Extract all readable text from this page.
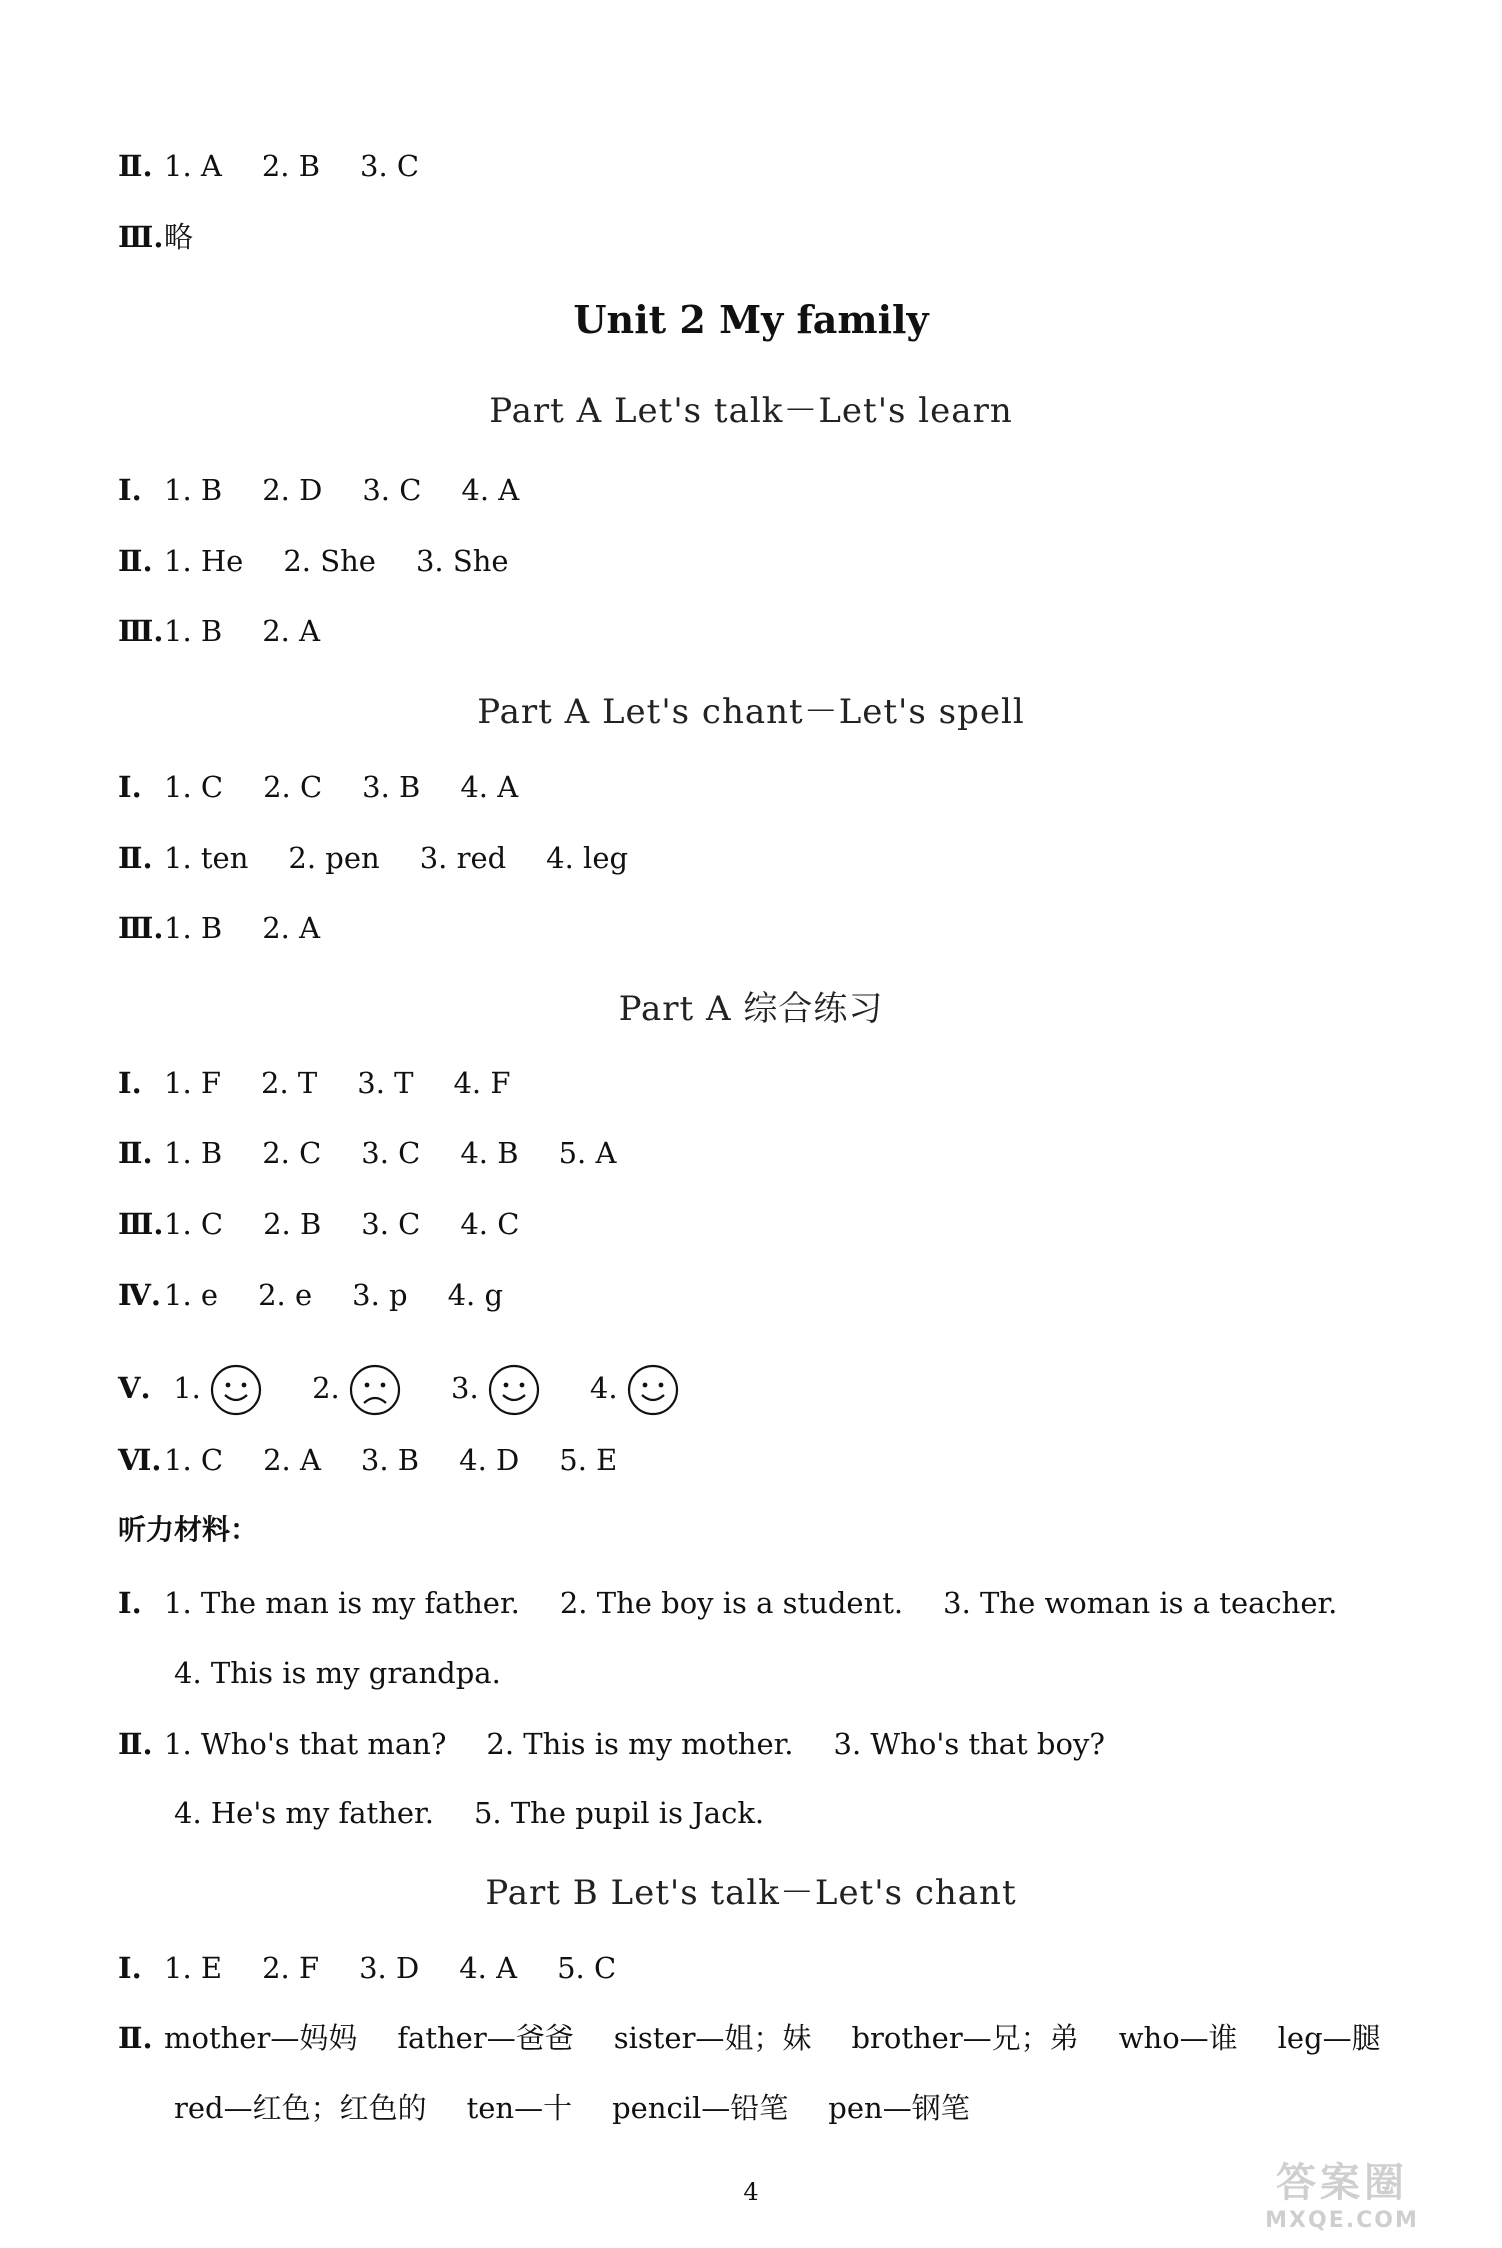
Ⅱ. 1. A 2. B 3. C
Ⅲ.略
Unit 2 My family
Part A Let's talk－Let's learn
Ⅰ. 1. B 2. D 3. C 4. A
Ⅱ. 1. He 2. She 3. She
Ⅲ.1. B 2. A
Part A Let's chant－Let's spell
Ⅰ. 1. C 2. C 3. B 4. A
Ⅱ. 1. ten 2. pen 3. red 4. leg
Ⅲ.1. B 2. A
Part A 综合练习
Ⅰ. 1. F 2. T 3. T 4. F
Ⅱ. 1. B 2. C 3. C 4. B 5. A
Ⅲ.1. C 2. B 3. C 4. C
Ⅳ. 1. e 2. e 3. p 4. g
Ⅴ. 1.	2.	3.	4.
Ⅵ.1. C 2. A 3. B 4. D 5. E
听力材料：
Ⅰ. 1. The man is my father. 2. The boy is a student. 3. The woman is a teacher.
4. This is my grandpa.
Ⅱ. 1. Who's that man? 2. This is my mother. 3. Who's that boy?
4. He's my father. 5. The pupil is Jack.
Part B Let's talk－Let's chant
Ⅰ. 1. E 2. F 3. D 4. A 5. C
Ⅱ. mother—妈妈 father—爸爸 sister—姐；妹 brother—兄；弟 who—谁 leg—腿
red—红色；红色的 ten—十 pencil—铅笔 pen—钢笔
4	答案圈
MXQE.COM
